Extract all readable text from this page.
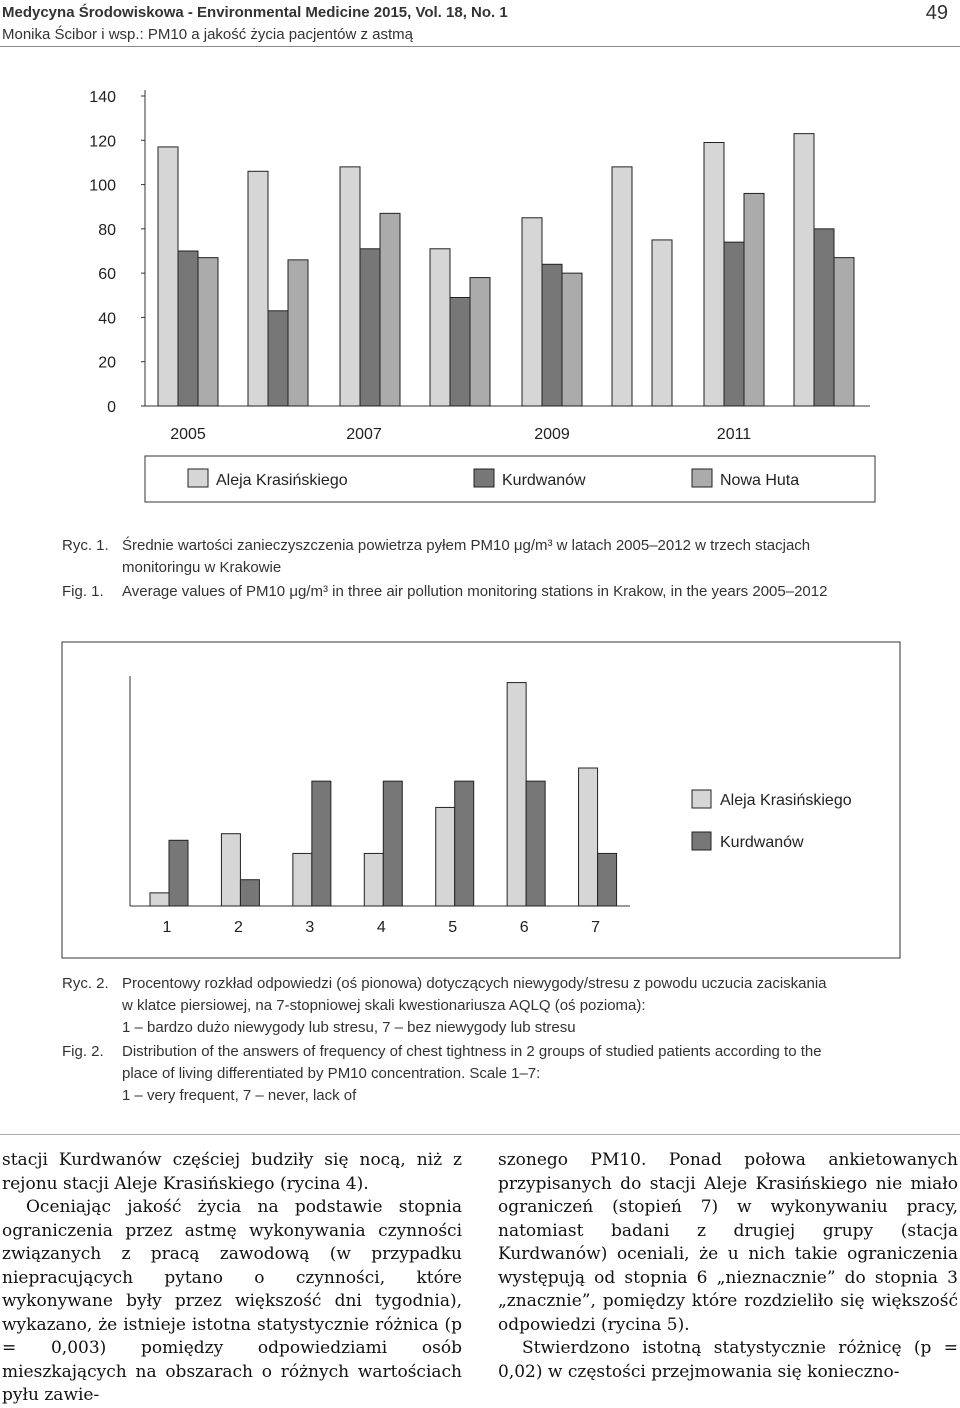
Medycyna Środowiskowa - Environmental Medicine 2015, Vol. 18, No. 1
Monika Ścibor i wsp.: PM10 a jakość życia pacjentów z astmą
49
0
20
40
60
80
100
120
140
2005	2007	2009	2011
Aleja Krasińskiego	Kurdwanów	Nowa Huta
Ryc. 1. Średnie wartości zanieczyszczenia powietrza pyłem PM10 μg/m³ w latach 2005–2012 w trzech stacjach
monitoringu w Krakowie
Fig. 1. Average values of PM10 μg/m³ in three air pollution monitoring stations in Krakow, in the years 2005–2012
1	2	3	4	5	6	7
Aleja Krasińskiego
Kurdwanów
Ryc. 2. Procentowy rozkład odpowiedzi (oś pionowa) dotyczących niewygody/stresu z powodu uczucia zaciskania
w klatce piersiowej, na 7-stopniowej skali kwestionariusza AQLQ (oś pozioma):
1 – bardzo dużo niewygody lub stresu, 7 – bez niewygody lub stresu
Fig. 2. Distribution of the answers of frequency of chest tightness in 2 groups of studied patients according to the
place of living differentiated by PM10 concentration. Scale 1–7:
1 – very frequent, 7 – never, lack of

stacji Kurdwanów częściej budziły się nocą, niż z rejonu stacji Aleje Krasińskiego (rycina 4).

Oceniając jakość życia na podstawie stopnia ograniczenia przez astmę wykonywania czynności związanych z pracą zawodową (w przypadku niepracujących pytano o czynności, które wykonywane były przez większość dni tygodnia), wykazano, że istnieje istotna statystycznie różnica (p = 0,003) pomiędzy odpowiedziami osób mieszkających na obszarach o różnych wartościach pyłu zawie-

szonego PM10. Ponad połowa ankietowanych przypisanych do stacji Aleje Krasińskiego nie miało ograniczeń (stopień 7) w wykonywaniu pracy, natomiast badani z drugiej grupy (stacja Kurdwanów) oceniali, że u nich takie ograniczenia występują od stopnia 6 „nieznacznie” do stopnia 3 „znacznie”, pomiędzy które rozdzieliło się większość odpowiedzi (rycina 5).

Stwierdzono istotną statystycznie różnicę (p = 0,02) w częstości przejmowania się konieczno-
